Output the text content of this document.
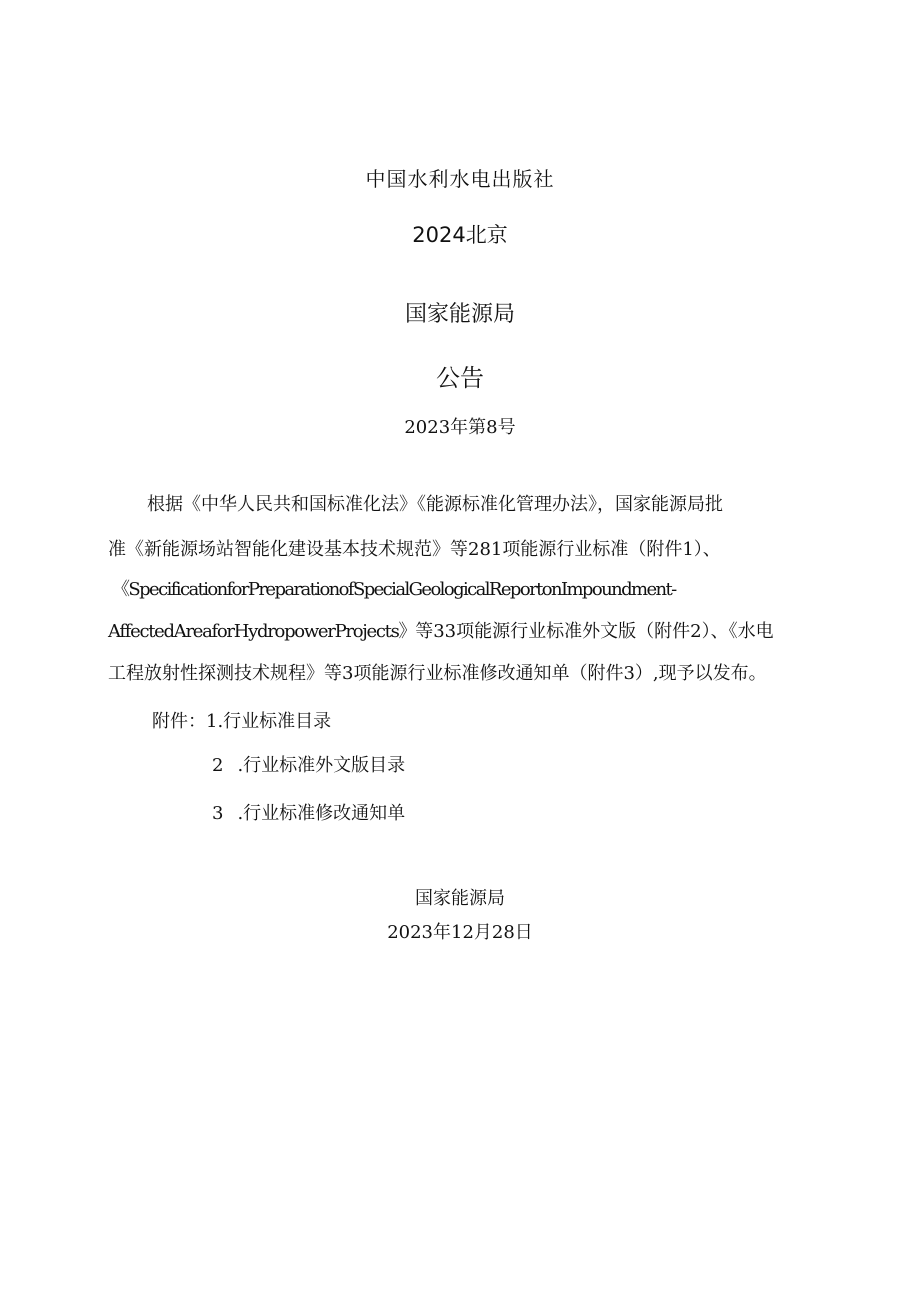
中国水利水电出版社
2024北京
国家能源局
公告
2023年第8号
根据《中华人民共和国标准化法》《能源标准化管理办法》，国家能源局批
准《新能源场站智能化建设基本技术规范》等281项能源行业标准（附件1）、
《SpecificationforPreparationofSpecialGeologicalReportonImpoundment-
AffectedAreaforHydropowerProjects》等33项能源行业标准外文版（附件2）、《水电
工程放射性探测技术规程》等3项能源行业标准修改通知单（附件3）,现予以发布。
附件：1.行业标准目录
2 .行业标准外文版目录
3 .行业标准修改通知单
国家能源局
2023年12月28日
